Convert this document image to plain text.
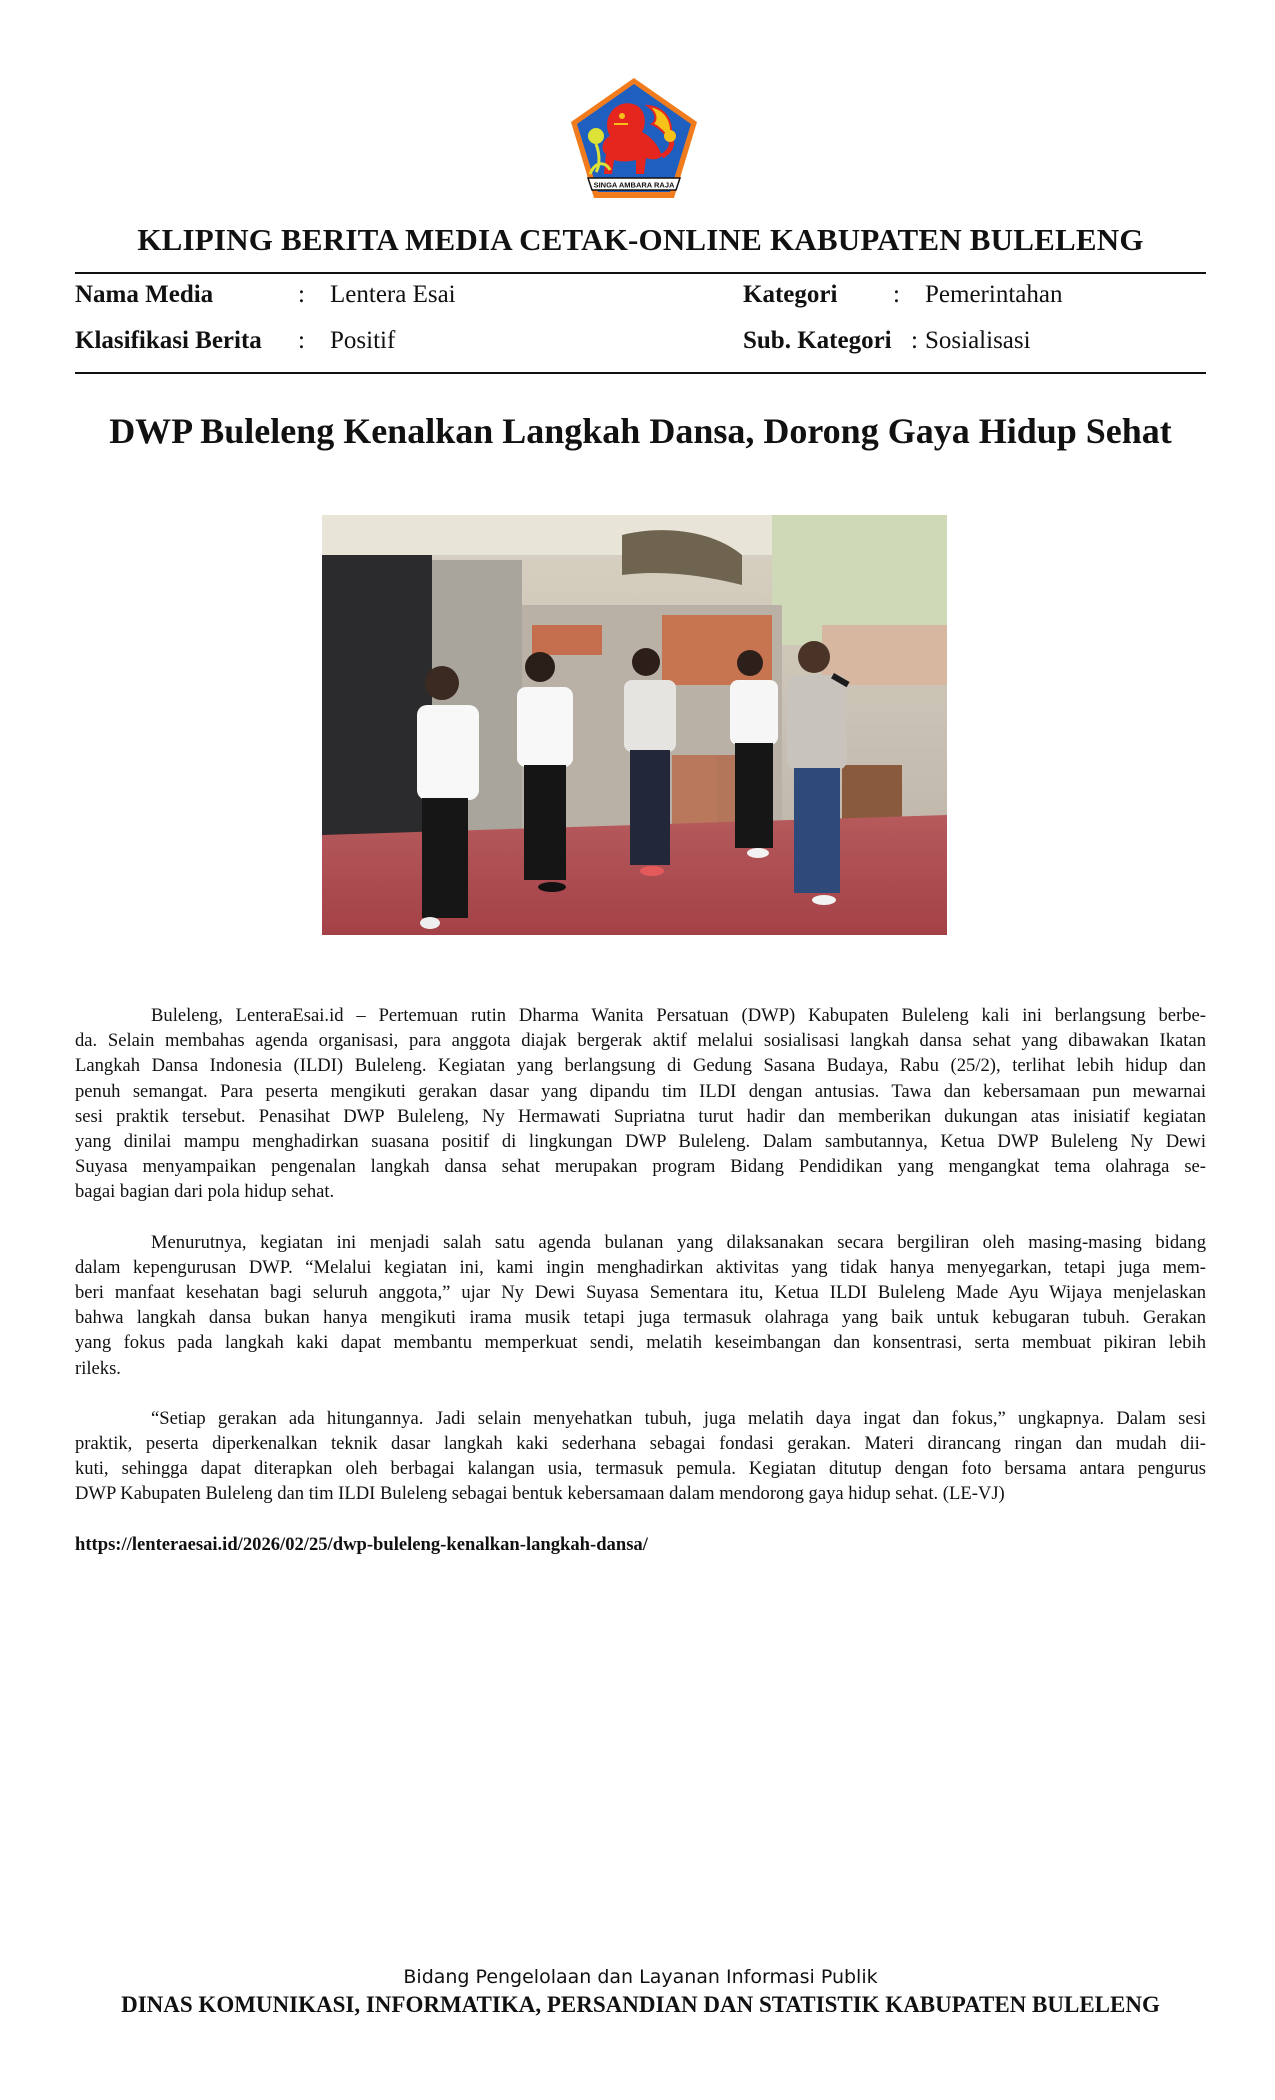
SINGA AMBARA RAJA
KLIPING BERITA MEDIA CETAK-ONLINE KABUPATEN BULELENG
Nama Media	: Lentera Esai	Kategori : Pemerintahan
Klasifikasi Berita : Positif	Sub. Kategori : Sosialisasi
DWP Buleleng Kenalkan Langkah Dansa, Dorong Gaya Hidup Sehat
Buleleng, LenteraEsai.id – Pertemuan rutin Dharma Wanita Persatuan (DWP) Kabupaten Buleleng kali ini berlangsung berbe-
da. Selain membahas agenda organisasi, para anggota diajak bergerak aktif melalui sosialisasi langkah dansa sehat yang dibawakan Ikatan
Langkah Dansa Indonesia (ILDI) Buleleng. Kegiatan yang berlangsung di Gedung Sasana Budaya, Rabu (25/2), terlihat lebih hidup dan
penuh semangat. Para peserta mengikuti gerakan dasar yang dipandu tim ILDI dengan antusias. Tawa dan kebersamaan pun mewarnai
sesi praktik tersebut. Penasihat DWP Buleleng, Ny Hermawati Supriatna turut hadir dan memberikan dukungan atas inisiatif kegiatan
yang dinilai mampu menghadirkan suasana positif di lingkungan DWP Buleleng. Dalam sambutannya, Ketua DWP Buleleng Ny Dewi
Suyasa menyampaikan pengenalan langkah dansa sehat merupakan program Bidang Pendidikan yang mengangkat tema olahraga se-
bagai bagian dari pola hidup sehat.
Menurutnya, kegiatan ini menjadi salah satu agenda bulanan yang dilaksanakan secara bergiliran oleh masing-masing bidang
dalam kepengurusan DWP. “Melalui kegiatan ini, kami ingin menghadirkan aktivitas yang tidak hanya menyegarkan, tetapi juga mem-
beri manfaat kesehatan bagi seluruh anggota,” ujar Ny Dewi Suyasa Sementara itu, Ketua ILDI Buleleng Made Ayu Wijaya menjelaskan
bahwa langkah dansa bukan hanya mengikuti irama musik tetapi juga termasuk olahraga yang baik untuk kebugaran tubuh. Gerakan
yang fokus pada langkah kaki dapat membantu memperkuat sendi, melatih keseimbangan dan konsentrasi, serta membuat pikiran lebih
rileks.
“Setiap gerakan ada hitungannya. Jadi selain menyehatkan tubuh, juga melatih daya ingat dan fokus,” ungkapnya. Dalam sesi
praktik, peserta diperkenalkan teknik dasar langkah kaki sederhana sebagai fondasi gerakan. Materi dirancang ringan dan mudah dii-
kuti, sehingga dapat diterapkan oleh berbagai kalangan usia, termasuk pemula. Kegiatan ditutup dengan foto bersama antara pengurus
DWP Kabupaten Buleleng dan tim ILDI Buleleng sebagai bentuk kebersamaan dalam mendorong gaya hidup sehat. (LE-VJ)

https://lenteraesai.id/2026/02/25/dwp-buleleng-kenalkan-langkah-dansa/

Bidang Pengelolaan dan Layanan Informasi Publik

DINAS KOMUNIKASI, INFORMATIKA, PERSANDIAN DAN STATISTIK KABUPATEN BULELENG
